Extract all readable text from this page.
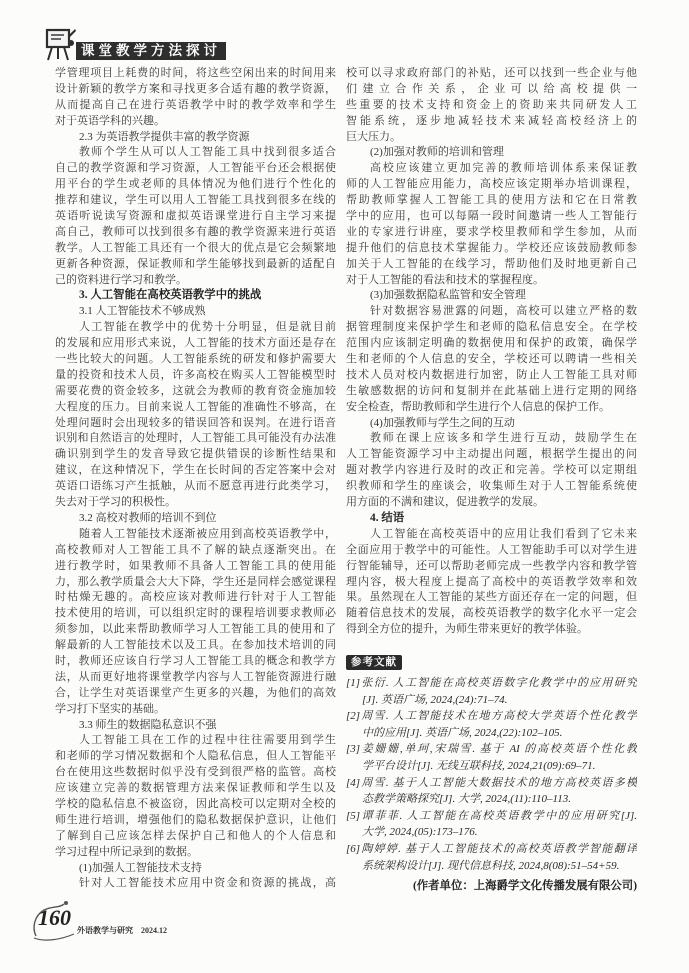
课堂教学方法探讨
学管理项目上耗费的时间，将这些空闲出来的时间用来
设计新颖的教学方案和寻找更多合适有趣的教学资源，
从而提高自己在进行英语教学中时的教学效率和学生
对于英语学科的兴趣。
2.3 为英语教学提供丰富的教学资源
教师个学生从可以人工智能工具中找到很多适合
自己的教学资源和学习资源，人工智能平台还会根据使
用平台的学生或老师的具体情况为他们进行个性化的
推荐和建议，学生可以用人工智能工具找到很多在线的
英语听说读写资源和虚拟英语课堂进行自主学习来提
高自己，教师可以找到很多有趣的教学资源来进行英语
教学。人工智能工具还有一个很大的优点是它会频繁地
更新各种资源，保证教师和学生能够找到最新的适配自
己的资料进行学习和教学。
3. 人工智能在高校英语教学中的挑战
3.1 人工智能技术不够成熟
人工智能在教学中的优势十分明显，但是就目前
的发展和应用形式来说，人工智能的技术方面还是存在
一些比较大的问题。人工智能系统的研发和修护需要大
量的投资和技术人员，许多高校在购买人工智能模型时
需要花费的资金较多，这就会为教师的教育资金施加较
大程度的压力。目前来说人工智能的准确性不够高，在
处理问题时会出现较多的错误回答和误判。在进行语音
识别和自然语言的处理时，人工智能工具可能没有办法准
确识别到学生的发音导致它提供错误的诊断性结果和
建议，在这种情况下，学生在长时间的否定答案中会对
英语口语练习产生抵触，从而不愿意再进行此类学习，
失去对于学习的积极性。
3.2 高校对教师的培训不到位
随着人工智能技术逐渐被应用到高校英语教学中，
高校教师对人工智能工具不了解的缺点逐渐突出。在
进行教学时，如果教师不具备人工智能工具的使用能
力，那么教学质量会大大下降，学生还是同样会感觉课程
时枯燥无趣的。高校应该对教师进行针对于人工智能
技术使用的培训，可以组织定时的课程培训要求教师必
须参加，以此来帮助教师学习人工智能工具的使用和了
解最新的人工智能技术以及工具。在参加技术培训的同
时，教师还应该自行学习人工智能工具的概念和教学方
法，从而更好地将课堂教学内容与人工智能资源进行融
合，让学生对英语课堂产生更多的兴趣，为他们的高效
学习打下坚实的基础。
3.3 师生的数据隐私意识不强
人工智能工具在工作的过程中往往需要用到学生
和老师的学习情况数据和个人隐私信息，但人工智能平
台在使用这些数据时似乎没有受到很严格的监管。高校
应该建立完善的数据管理方法来保证教师和学生以及
学校的隐私信息不被盗窃，因此高校可以定期对全校的
师生进行培训，增强他们的隐私数据保护意识，让他们
了解到自己应该怎样去保护自己和他人的个人信息和
学习过程中所记录到的数据。
(1)加强人工智能技术支持
针对人工智能技术应用中资金和资源的挑战，高
校可以寻求政府部门的补贴，还可以找到一些企业与他
们建立合作关系，企业可以给高校提供一
些重要的技术支持和资金上的资助来共同研发人工
智能系统，逐步地减轻技术来减轻高校经济上的
巨大压力。
(2)加强对教师的培训和管理
高校应该建立更加完善的教师培训体系来保证教
师的人工智能应用能力，高校应该定期举办培训课程，
帮助教师掌握人工智能工具的使用方法和它在日常教
学中的应用，也可以每隔一段时间邀请一些人工智能行
业的专家进行讲座，要求学校里教师和学生参加，从而
提升他们的信息技术掌握能力。学校还应该鼓励教师参
加关于人工智能的在线学习，帮助他们及时地更新自己
对于人工智能的看法和技术的掌握程度。
(3)加强数据隐私监管和安全管理
针对数据容易泄露的问题，高校可以建立严格的数
据管理制度来保护学生和老师的隐私信息安全。在学校
范围内应该制定明确的数据使用和保护的政策，确保学
生和老师的个人信息的安全，学校还可以聘请一些相关
技术人员对校内数据进行加密，防止人工智能工具对师
生敏感数据的访问和复制并在此基础上进行定期的网络
安全检查，帮助教师和学生进行个人信息的保护工作。
(4)加强教师与学生之间的互动
教师在课上应该多和学生进行互动，鼓励学生在
人工智能资源学习中主动提出问题，根据学生提出的问
题对教学内容进行及时的改正和完善。学校可以定期组
织教师和学生的座谈会，收集师生对于人工智能系统使
用方面的不满和建议，促进教学的发展。
4. 结语
人工智能在高校英语中的应用让我们看到了它未来
全面应用于教学中的可能性。人工智能助手可以对学生进
行智能辅导，还可以帮助老师完成一些教学内容和教学管
理内容，极大程度上提高了高校中的英语教学效率和效
果。虽然现在人工智能的某些方面还存在一定的问题，但
随着信息技术的发展，高校英语教学的数字化水平一定会
得到全方位的提升，为师生带来更好的教学体验。
参考文献
[1]张衍. 人工智能在高校英语数字化教学中的应用研究
[J]. 英语广场, 2024,(24):71–74.
[2]周雪. 人工智能技术在地方高校大学英语个性化教学
中的应用[J]. 英语广场, 2024,(22):102–105.
[3]姜姗姗,单珂,宋瑞雪. 基于 AI 的高校英语个性化教
学平台设计[J]. 无线互联科技, 2024,21(09):69–71.
[4]周雪. 基于人工智能大数据技术的地方高校英语多模
态教学策略探究[J]. 大学, 2024,(11):110–113.
[5]谭菲菲. 人工智能在高校英语教学中的应用研究[J].
大学, 2024,(05):173–176.
[6]陶婷婷. 基于人工智能技术的高校英语教学智能翻译
系统架构设计[J]. 现代信息科技, 2024,8(08):51–54+59.
(作者单位：上海爵学文化传播发展有限公司)
160
外语教学与研究 2024.12
